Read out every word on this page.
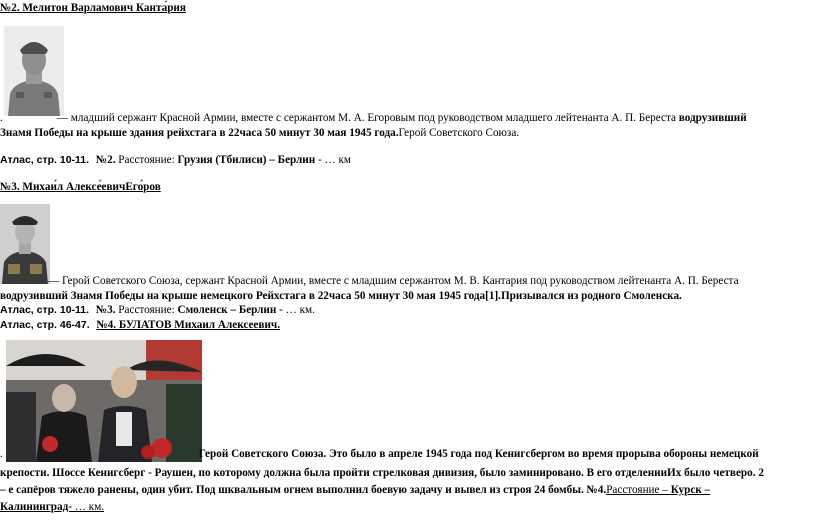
№2. Мелитон Варламович Канта́рия
.	— младший сержант Красной Армии, вместе с сержантом М. А. Егоровым под руководством младшего лейтенанта А. П. Береста водрузивший
Знамя Победы на крыше здания рейхстага в 22часа 50 минут 30 мая 1945 года.Герой Советского Союза.
Атлас, стр. 10-11. №2. Расстояние: Грузия (Тбилиси) – Берлин - … км
№3. Михаи́л Алексе́евичЕго́ров
— Герой Советского Союза, сержант Красной Армии, вместе с младшим сержантом М. В. Кантария под руководством лейтенанта А. П. Береста
водрузивший Знамя Победы на крыше немецкого Рейхстага в 22часа 50 минут 30 мая 1945 года[1].Призывался из родного Смоленска.
Атлас, стр. 10-11. №3. Расстояние: Смоленск – Берлин - … км.
Атлас, стр. 46-47. №4. БУЛАТОВ Михаил Алексеевич.
.	Герой Советского Союза. Это было в апреле 1945 года под Кенигсбергом во время прорыва обороны немецкой
крепости. Шоссе Кенигсберг - Раушен, по которому должна была пройти стрелковая дивизия, было заминировано. В его отделенииИх было четверо. 2
– е сапёров тяжело ранены, один убит. Под шквальным огнем выполнил боевую задачу и вывел из строя 24 бомбы. №4.Расстояние – Курск –
Калининград- … км.
